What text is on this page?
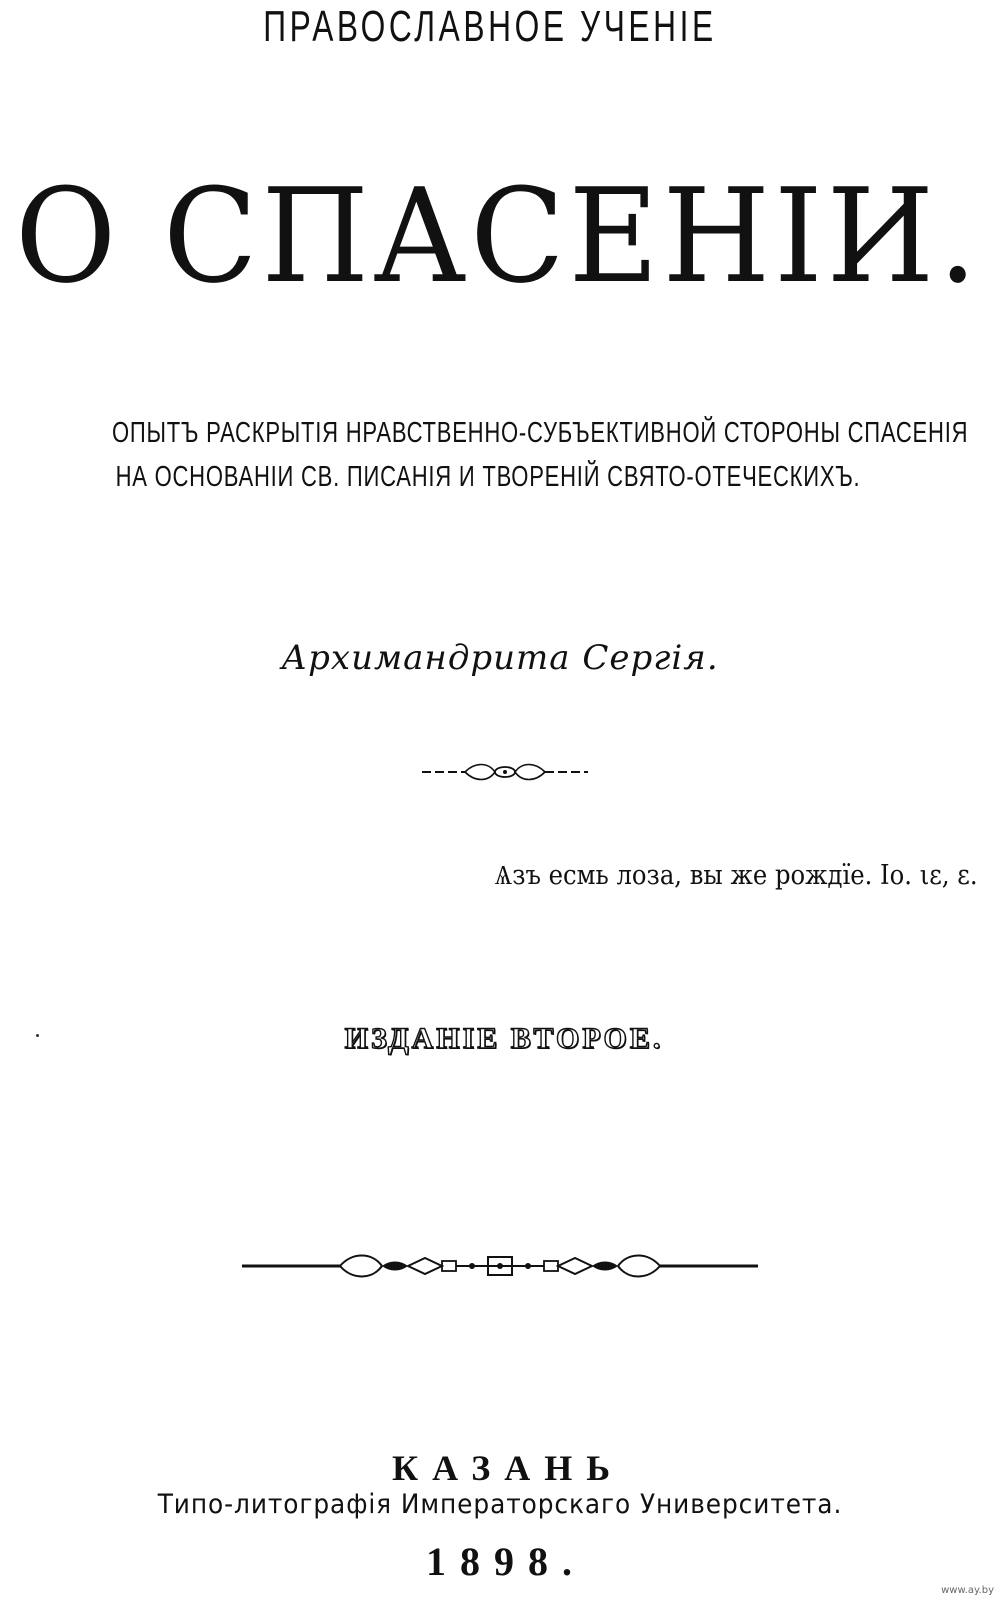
ПРАВОСЛАВНОЕ УЧЕНIЕ
О СПАСЕНIИ.
ОПЫТЪ РАСКРЫТIЯ НРАВСТВЕННО-СУБЪЕКТИВНОЙ СТОРОНЫ СПАСЕНIЯ
НА ОСНОВАНIИ СВ. ПИСАНIЯ И ТВОРЕНIЙ СВЯТО-ОТЕЧЕСКИХЪ.
Архимандрита Сергiя.
Ѧзъ есмь лоза, вы же рождїе. Іо. ιε, ε.
ИЗДАНIЕ ВТОРОЕ.
КАЗАНЬ
Типо-литографiя Императорскаго Университета.
1898.
www.ay.by
